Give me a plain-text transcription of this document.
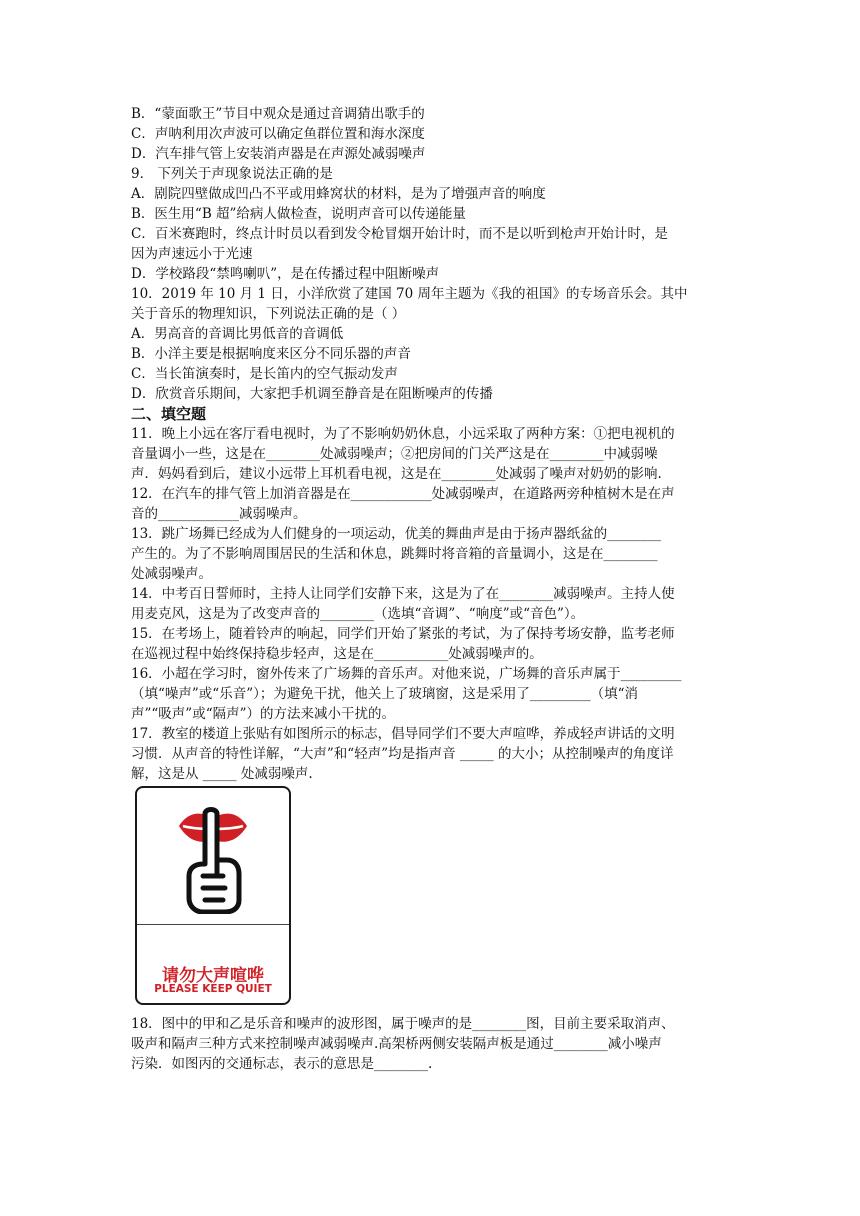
B．“蒙面歌王”节目中观众是通过音调猜出歌手的
C．声呐利用次声波可以确定鱼群位置和海水深度
D．汽车排气管上安装消声器是在声源处减弱噪声
9． 下列关于声现象说法正确的是
A．剧院四壁做成凹凸不平或用蜂窝状的材料，是为了增强声音的响度
B．医生用“B 超”给病人做检查，说明声音可以传递能量
C．百米赛跑时，终点计时员以看到发令枪冒烟开始计时，而不是以听到枪声开始计时，是
因为声速远小于光速
D．学校路段“禁鸣喇叭”，是在传播过程中阻断噪声
10．2019 年 10 月 1 日，小洋欣赏了建国 70 周年主题为《我的祖国》的专场音乐会。其中
关于音乐的物理知识，下列说法正确的是（ ）
A．男高音的音调比男低音的音调低
B．小洋主要是根据响度来区分不同乐器的声音
C．当长笛演奏时，是长笛内的空气振动发声
D．欣赏音乐期间，大家把手机调至静音是在阻断噪声的传播
二、填空题
11．晚上小远在客厅看电视时，为了不影响奶奶休息，小远采取了两种方案：①把电视机的
音量调小一些，这是在________处减弱噪声；②把房间的门关严这是在________中减弱噪
声．妈妈看到后，建议小远带上耳机看电视，这是在________处减弱了噪声对奶奶的影响.
12．在汽车的排气管上加消音器是在____________处减弱噪声，在道路两旁种植树木是在声
音的____________减弱噪声。
13．跳广场舞已经成为人们健身的一项运动，优美的舞曲声是由于扬声器纸盆的________
产生的。为了不影响周围居民的生活和休息，跳舞时将音箱的音量调小，这是在________
处减弱噪声。
14．中考百日誓师时，主持人让同学们安静下来，这是为了在________减弱噪声。主持人使
用麦克风，这是为了改变声音的________（选填“音调”、“响度”或“音色”）。
15．在考场上，随着铃声的响起，同学们开始了紧张的考试，为了保持考场安静，监考老师
在巡视过程中始终保持稳步轻声，这是在___________处减弱噪声的。
16．小超在学习时，窗外传来了广场舞的音乐声。对他来说，广场舞的音乐声属于_________
（填“噪声”或“乐音”）；为避免干扰，他关上了玻璃窗，这是采用了_________（填“消
声”“吸声”或“隔声”）的方法来减小干扰的。
17．教室的楼道上张贴有如图所示的标志，倡导同学们不要大声喧哗，养成轻声讲话的文明
习惯．从声音的特性详解，“大声”和“轻声”均是指声音 _____ 的大小；从控制噪声的角度详
解，这是从 _____ 处减弱噪声.
请勿大声喧哗
PLEASE KEEP QUIET
18．图中的甲和乙是乐音和噪声的波形图，属于噪声的是________图，目前主要采取消声、
吸声和隔声三种方式来控制噪声减弱噪声.高架桥两侧安装隔声板是通过________减小噪声
污染．如图丙的交通标志，表示的意思是________.
